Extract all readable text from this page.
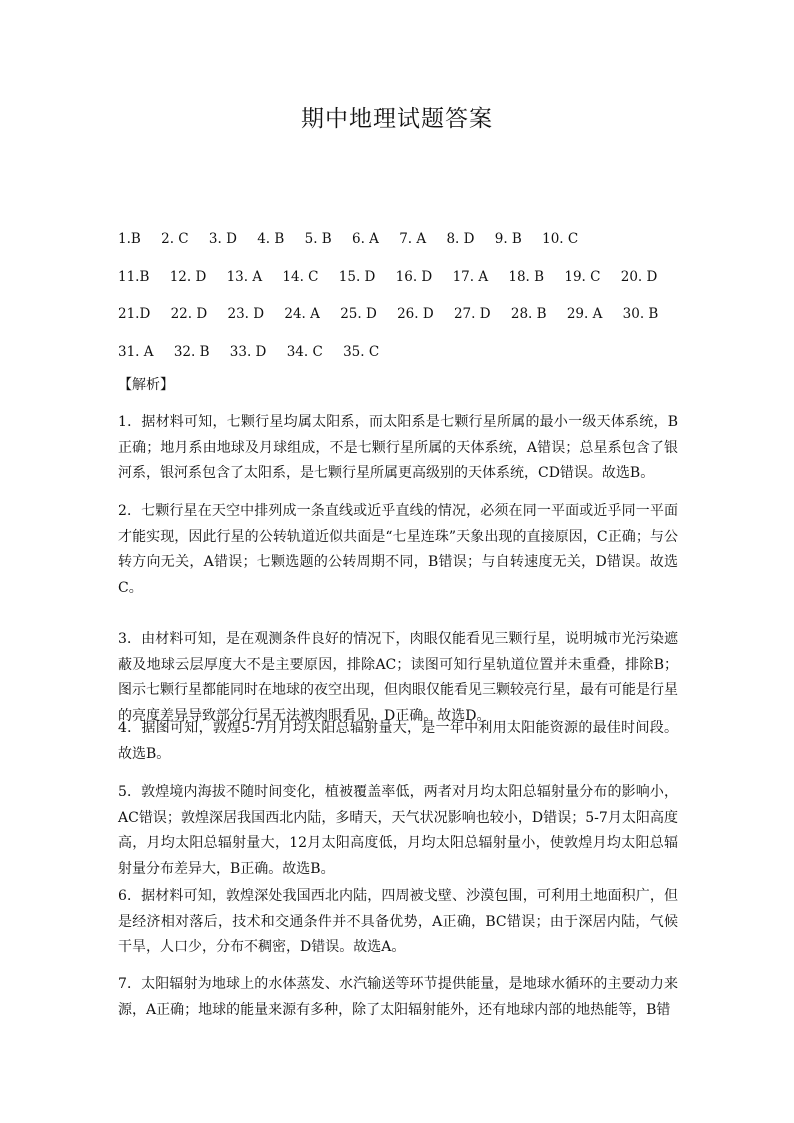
期中地理试题答案
1.B 2. C 3. D 4. B 5. B 6. A 7. A 8. D 9. B 10. C
11.B 12. D 13. A 14. C 15. D 16. D 17. A 18. B 19. C 20. D
21.D 22. D 23. D 24. A 25. D 26. D 27. D 28. B 29. A 30. B
31. A 32. B 33. D 34. C 35. C
【解析】

1．据材料可知，七颗行星均属太阳系，而太阳系是七颗行星所属的最小一级天体系统，B正确；地月系由地球及月球组成，不是七颗行星所属的天体系统，A错误；总星系包含了银河系，银河系包含了太阳系，是七颗行星所属更高级别的天体系统，CD错误。故选B。

2．七颗行星在天空中排列成一条直线或近乎直线的情况，必须在同一平面或近乎同一平面才能实现，因此行星的公转轨道近似共面是“七星连珠”天象出现的直接原因，C正确；与公转方向无关，A错误；七颗选题的公转周期不同，B错误；与自转速度无关，D错误。故选C。

3．由材料可知，是在观测条件良好的情况下，肉眼仅能看见三颗行星，说明城市光污染遮蔽及地球云层厚度大不是主要原因，排除AC；读图可知行星轨道位置并未重叠，排除B；图示七颗行星都能同时在地球的夜空出现，但肉眼仅能看见三颗较亮行星，最有可能是行星的亮度差异导致部分行星无法被肉眼看见，D正确。故选D。

4．据图可知，敦煌5-7月月均太阳总辐射量大，是一年中利用太阳能资源的最佳时间段。故选B。

5．敦煌境内海拔不随时间变化，植被覆盖率低，两者对月均太阳总辐射量分布的影响小，AC错误；敦煌深居我国西北内陆，多晴天，天气状况影响也较小，D错误；5-7月太阳高度高，月均太阳总辐射量大，12月太阳高度低，月均太阳总辐射量小，使敦煌月均太阳总辐射量分布差异大，B正确。故选B。

6．据材料可知，敦煌深处我国西北内陆，四周被戈壁、沙漠包围，可利用土地面积广，但是经济相对落后，技术和交通条件并不具备优势，A正确，BC错误；由于深居内陆，气候干旱，人口少，分布不稠密，D错误。故选A。

7．太阳辐射为地球上的水体蒸发、水汽输送等环节提供能量，是地球水循环的主要动力来源，A正确；地球的能量来源有多种，除了太阳辐射能外，还有地球内部的地热能等，B错
